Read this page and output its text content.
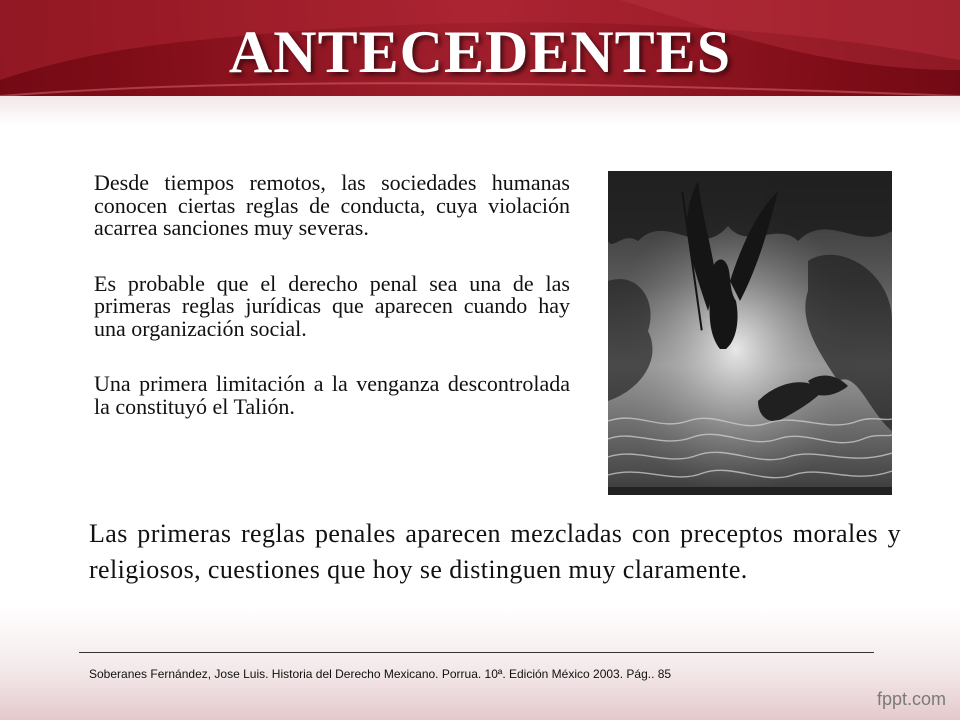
ANTECEDENTES

Desde tiempos remotos, las sociedades humanas conocen ciertas reglas de conducta, cuya violación acarrea sanciones muy severas.

Es probable que el derecho penal sea una de las primeras reglas jurídicas que aparecen cuando hay una organización social.

Una primera limitación a la venganza descontrolada la constituyó el Talión.

Las primeras reglas penales aparecen mezcladas con preceptos morales y religiosos, cuestiones que hoy se distinguen muy claramente.

Soberanes Fernández, Jose Luis. Historia del Derecho Mexicano. Porrua. 10ª. Edición México 2003. Pág.. 85
fppt.com
